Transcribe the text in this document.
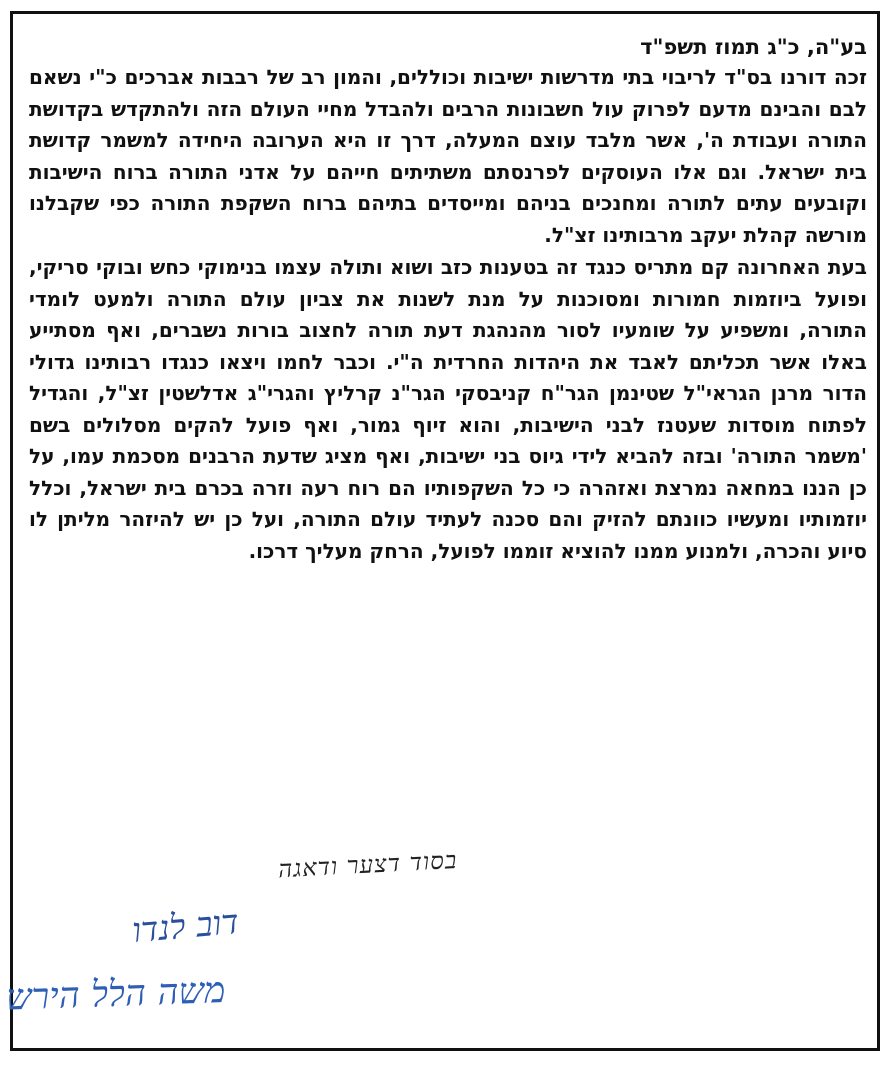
בע"ה, כ"ג תמוז תשפ"ד

זכה דורנו בס"ד לריבוי בתי מדרשות ישיבות וכוללים, והמון רב של רבבות אברכים כ"י נשאם לבם והבינם מדעם לפרוק עול חשבונות הרבים ולהבדל מחיי העולם הזה ולהתקדש בקדושת התורה ועבודת ה', אשר מלבד עוצם המעלה, דרך זו היא הערובה היחידה למשמר קדושת בית ישראל. וגם אלו העוסקים לפרנסתם משתיתים חייהם על אדני התורה ברוח הישיבות וקובעים עתים לתורה ומחנכים בניהם ומייסדים בתיהם ברוח השקפת התורה כפי שקבלנו מורשה קהלת יעקב מרבותינו זצ"ל.

בעת האחרונה קם מתריס כנגד זה בטענות כזב ושוא ותולה עצמו בנימוקי כחש ובוקי סריקי, ופועל ביוזמות חמורות ומסוכנות על מנת לשנות את צביון עולם התורה ולמעט לומדי התורה, ומשפיע על שומעיו לסור מהנהגת דעת תורה לחצוב בורות נשברים, ואף מסתייע באלו אשר תכליתם לאבד את היהדות החרדית ה"י. וכבר לחמו ויצאו כנגדו רבותינו גדולי הדור מרנן הגראי"ל שטינמן הגר"ח קניבסקי הגר"נ קרליץ והגרי"ג אדלשטין זצ"ל, והגדיל לפתוח מוסדות שעטנז לבני הישיבות, והוא זיוף גמור, ואף פועל להקים מסלולים בשם 'משמר התורה' ובזה להביא לידי גיוס בני ישיבות, ואף מציג שדעת הרבנים מסכמת עמו, על כן הננו במחאה נמרצת ואזהרה כי כל השקפותיו הם רוח רעה וזרה בכרם בית ישראל, וכלל יוזמותיו ומעשיו כוונתם להזיק והם סכנה לעתיד עולם התורה, ועל כן יש להיזהר מליתן לו סיוע והכרה, ולמנוע ממנו להוציא זוממו לפועל, הרחק מעליך דרכו.

בסוד דצער ודאגה
דוב לנדו
משה הלל הירש
